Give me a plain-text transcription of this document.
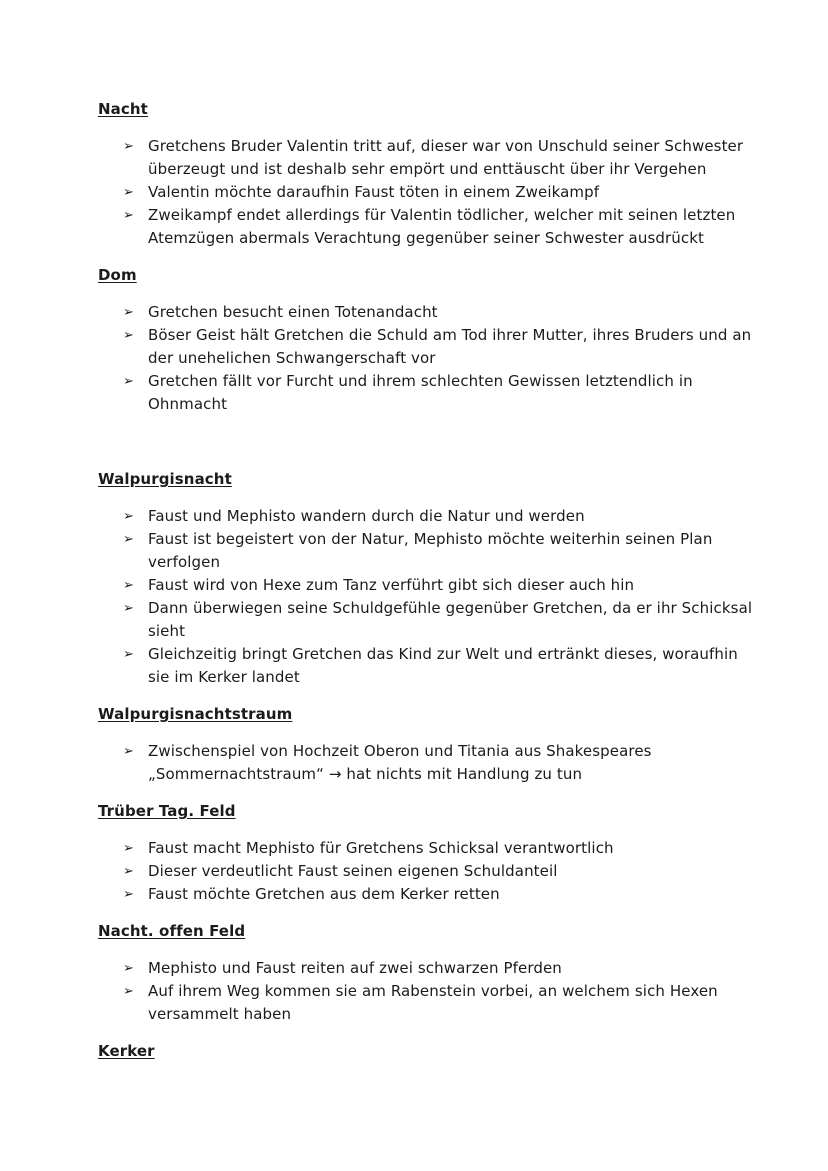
Nacht
➢ Gretchens Bruder Valentin tritt auf, dieser war von Unschuld seiner Schwester überzeugt und ist deshalb sehr empört und enttäuscht über ihr Vergehen
➢ Valentin möchte daraufhin Faust töten in einem Zweikampf
➢ Zweikampf endet allerdings für Valentin tödlicher, welcher mit seinen letzten Atemzügen abermals Verachtung gegenüber seiner Schwester ausdrückt
Dom
➢ Gretchen besucht einen Totenandacht
➢ Böser Geist hält Gretchen die Schuld am Tod ihrer Mutter, ihres Bruders und an der unehelichen Schwangerschaft vor
➢ Gretchen fällt vor Furcht und ihrem schlechten Gewissen letztendlich in Ohnmacht
Walpurgisnacht
➢ Faust und Mephisto wandern durch die Natur und werden
➢ Faust ist begeistert von der Natur, Mephisto möchte weiterhin seinen Plan verfolgen
➢ Faust wird von Hexe zum Tanz verführt gibt sich dieser auch hin
➢ Dann überwiegen seine Schuldgefühle gegenüber Gretchen, da er ihr Schicksal sieht
➢ Gleichzeitig bringt Gretchen das Kind zur Welt und ertränkt dieses, woraufhin sie im Kerker landet
Walpurgisnachtstraum
➢ Zwischenspiel von Hochzeit Oberon und Titania aus Shakespeares „Sommernachtstraum“ → hat nichts mit Handlung zu tun
Trüber Tag. Feld
➢ Faust macht Mephisto für Gretchens Schicksal verantwortlich
➢ Dieser verdeutlicht Faust seinen eigenen Schuldanteil
➢ Faust möchte Gretchen aus dem Kerker retten
Nacht. offen Feld
➢ Mephisto und Faust reiten auf zwei schwarzen Pferden
➢ Auf ihrem Weg kommen sie am Rabenstein vorbei, an welchem sich Hexen versammelt haben
Kerker
